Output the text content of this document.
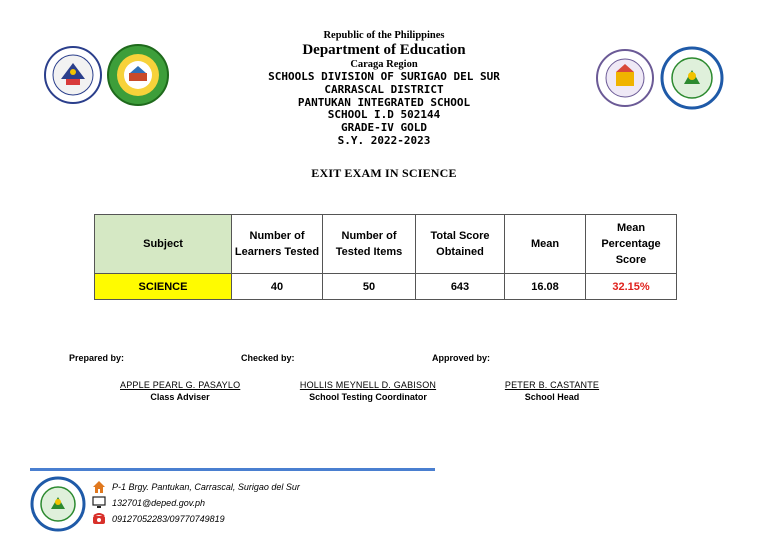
Republic of the Philippines
Department of Education
Caraga Region
SCHOOLS DIVISION OF SURIGAO DEL SUR
CARRASCAL DISTRICT
PANTUKAN INTEGRATED SCHOOL
SCHOOL I.D 502144
GRADE-IV GOLD
S.Y. 2022-2023
EXIT EXAM IN SCIENCE
Subject	Number of Learners Tested	Number of Tested Items	Total Score Obtained	Mean	Mean Percentage Score
SCIENCE	40	50	643	16.08	32.15%
Prepared by:	Checked by:	Approved by:
APPLE PEARL G. PASAYLO
Class Adviser
HOLLIS MEYNELL D. GABISON
School Testing Coordinator
PETER B. CASTANTE
School Head
P-1 Brgy. Pantukan, Carrascal, Surigao del Sur
132701@deped.gov.ph
09127052283/09770749819
